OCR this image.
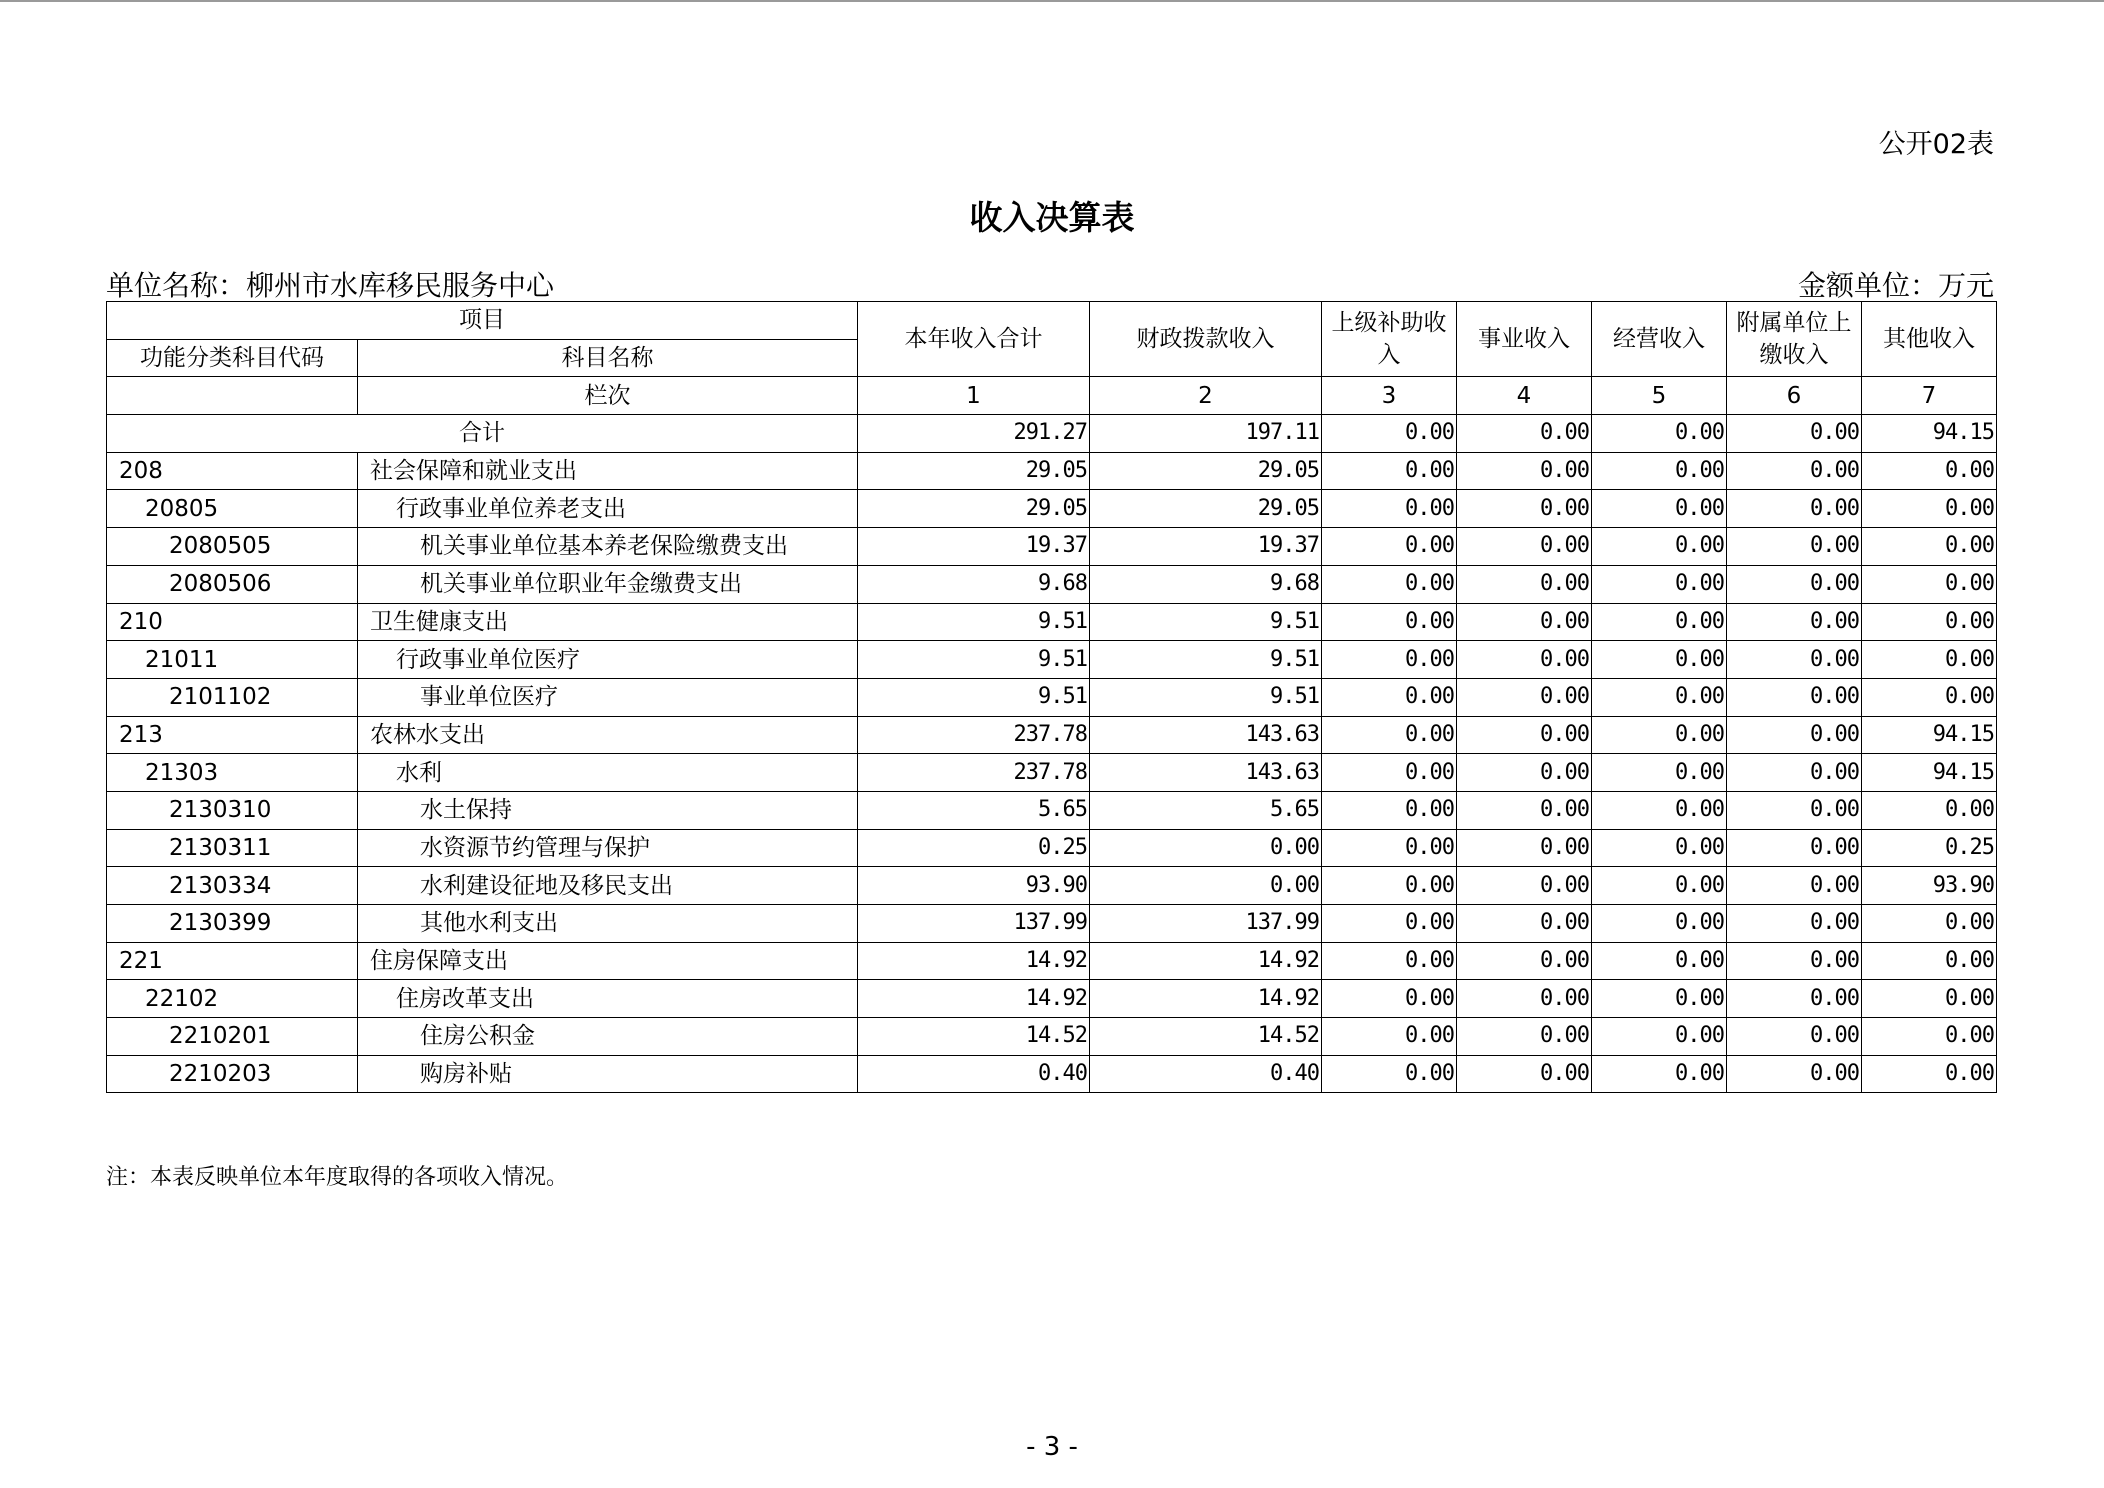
公开02表
收入决算表
单位名称：柳州市水库移民服务中心	金额单位：万元
项目		本年收入合计	财政拨款收入	上级补助收入	事业收入	经营收入	附属单位上缴收入	其他收入
功能分类科目代码	科目名称							
	栏次	1	2	3	4	5	6	7
合计		291.27	197.11	0.00	0.00	0.00	0.00	94.15
208	社会保障和就业支出	29.05	29.05	0.00	0.00	0.00	0.00	0.00
20805	行政事业单位养老支出	29.05	29.05	0.00	0.00	0.00	0.00	0.00
2080505	机关事业单位基本养老保险缴费支出	19.37	19.37	0.00	0.00	0.00	0.00	0.00
2080506	机关事业单位职业年金缴费支出	9.68	9.68	0.00	0.00	0.00	0.00	0.00
210	卫生健康支出	9.51	9.51	0.00	0.00	0.00	0.00	0.00
21011	行政事业单位医疗	9.51	9.51	0.00	0.00	0.00	0.00	0.00
2101102	事业单位医疗	9.51	9.51	0.00	0.00	0.00	0.00	0.00
213	农林水支出	237.78	143.63	0.00	0.00	0.00	0.00	94.15
21303	水利	237.78	143.63	0.00	0.00	0.00	0.00	94.15
2130310	水土保持	5.65	5.65	0.00	0.00	0.00	0.00	0.00
2130311	水资源节约管理与保护	0.25	0.00	0.00	0.00	0.00	0.00	0.25
2130334	水利建设征地及移民支出	93.90	0.00	0.00	0.00	0.00	0.00	93.90
2130399	其他水利支出	137.99	137.99	0.00	0.00	0.00	0.00	0.00
221	住房保障支出	14.92	14.92	0.00	0.00	0.00	0.00	0.00
22102	住房改革支出	14.92	14.92	0.00	0.00	0.00	0.00	0.00
2210201	住房公积金	14.52	14.52	0.00	0.00	0.00	0.00	0.00
2210203	购房补贴	0.40	0.40	0.00	0.00	0.00	0.00	0.00
注：本表反映单位本年度取得的各项收入情况。
- 3 -
